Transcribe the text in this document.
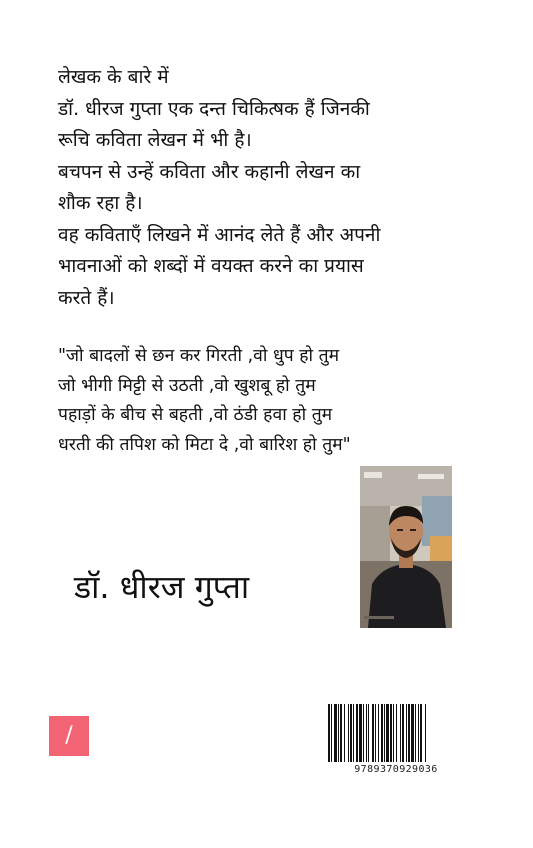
लेखक के बारे में
डॉ. धीरज गुप्ता एक दन्त चिकित्षक हैं जिनकी
रूचि कविता लेखन में भी है।
बचपन से उन्हें कविता और कहानी लेखन का
शौक रहा है।
वह कविताएँ लिखने में आनंद लेते हैं और अपनी
भावनाओं को शब्दों में वयक्त करने का प्रयास
करते हैं।
"जो बादलों से छन कर गिरती ,वो धुप हो तुम
जो भीगी मिट्टी से उठती ,वो खुशबू हो तुम
पहाड़ों के बीच से बहती ,वो ठंडी हवा हो तुम
धरती की तपिश को मिटा दे ,वो बारिश हो तुम"
डॉ. धीरज गुप्ता
/
9789370929036
